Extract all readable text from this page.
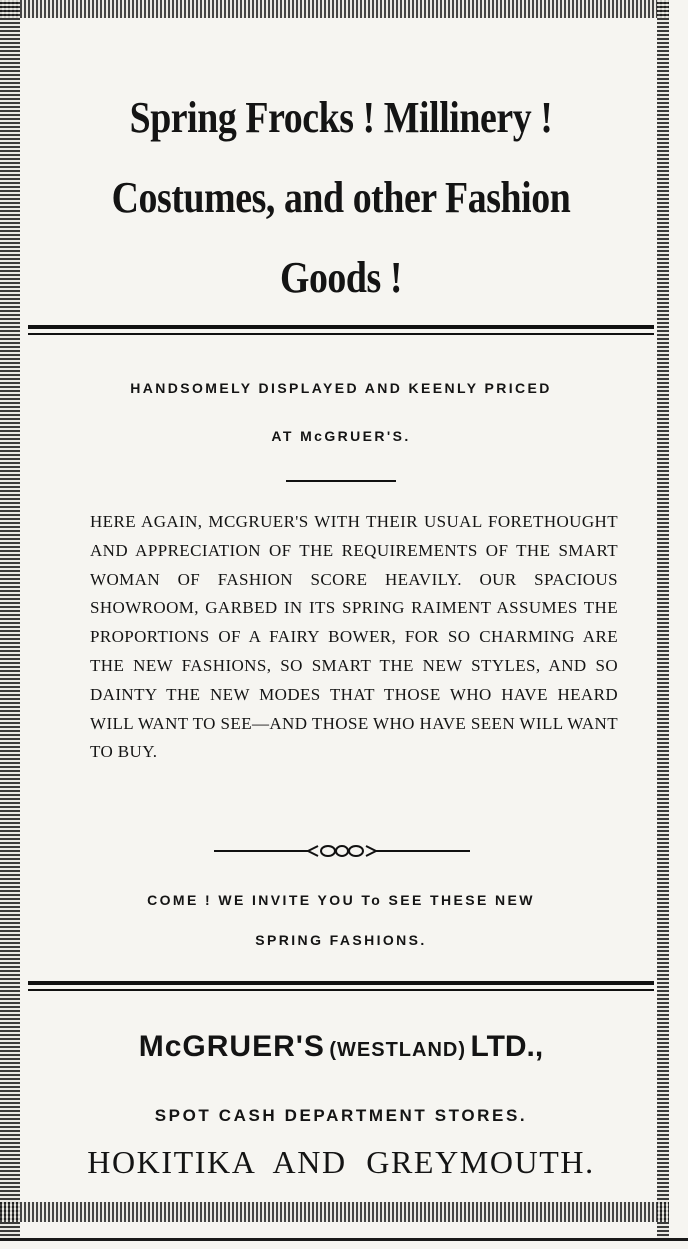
Spring Frocks ! Millinery !
Costumes, and other Fashion
Goods !
HANDSOMELY DISPLAYED AND KEENLY PRICED
AT McGRUER'S.
HERE AGAIN, MCGRUER'S WITH THEIR USUAL FORETHOUGHT AND APPRECIATION OF THE REQUIREMENTS OF THE SMART WOMAN OF FASHION SCORE HEAVILY. OUR SPACIOUS SHOWROOM, GARBED IN ITS SPRING RAIMENT ASSUMES THE PROPORTIONS OF A FAIRY BOWER, FOR SO CHARMING ARE THE NEW FASHIONS, SO SMART THE NEW STYLES, AND SO DAINTY THE NEW MODES THAT THOSE WHO HAVE HEARD WILL WANT TO SEE—AND THOSE WHO HAVE SEEN WILL WANT TO BUY.
COME ! WE INVITE YOU To SEE THESE NEW
SPRING FASHIONS.
McGRUER'S (WESTLAND) LTD.,
SPOT CASH DEPARTMENT STORES.
HOKITIKA AND GREYMOUTH.
